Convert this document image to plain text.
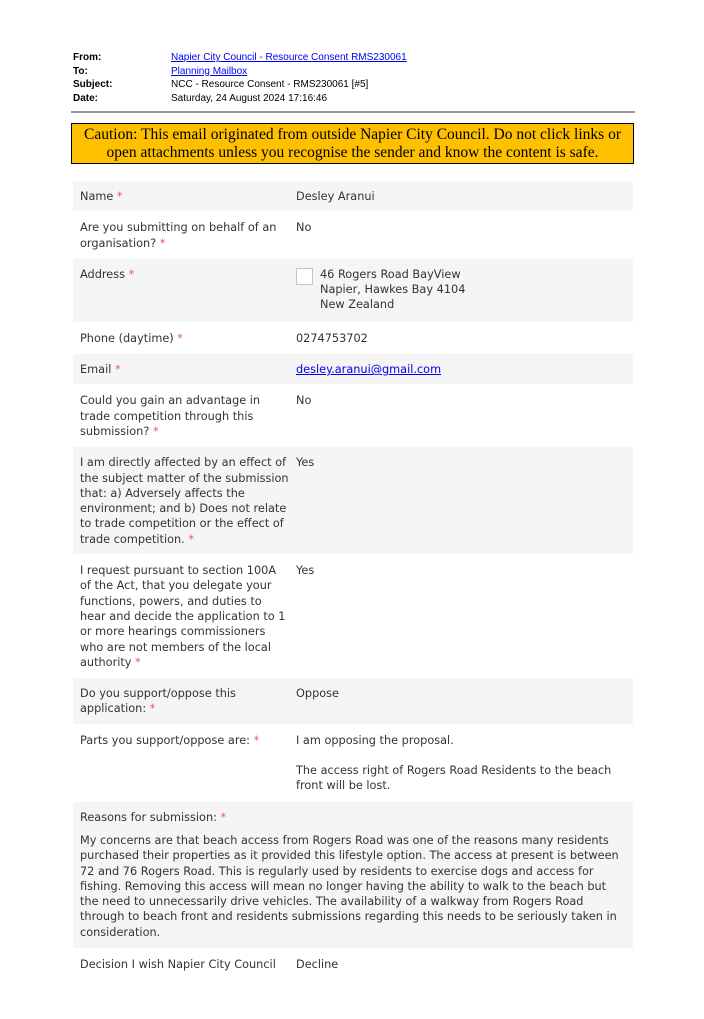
From:	Napier City Council - Resource Consent RMS230061
To:	Planning Mailbox
Subject:	NCC - Resource Consent - RMS230061 [#5]
Date:	Saturday, 24 August 2024 17:16:46
Caution: This email originated from outside Napier City Council. Do not click links or
open attachments unless you recognise the sender and know the content is safe.
Name *	Desley Aranui
Are you submitting on behalf of an organisation? *
No
Address *	46 Rogers Road BayView
Napier, Hawkes Bay 4104
New Zealand
Phone (daytime) *	0274753702
Email *	desley.aranui@gmail.com
Could you gain an advantage in trade competition through this submission? *
No
I am directly affected by an effect of the subject matter of the submission that: a) Adversely affects the environment; and b) Does not relate to trade competition or the effect of trade competition. *
Yes
I request pursuant to section 100A of the Act, that you delegate your functions, powers, and duties to hear and decide the application to 1 or more hearings commissioners who are not members of the local authority *
Yes
Do you support/oppose this application: *
Oppose
Parts you support/oppose are: *	I am opposing the proposal.
The access right of Rogers Road Residents to the beach front will be lost.
Reasons for submission: *
My concerns are that beach access from Rogers Road was one of the reasons many residents purchased their properties as it provided this lifestyle option. The access at present is between 72 and 76 Rogers Road. This is regularly used by residents to exercise dogs and access for fishing. Removing this access will mean no longer having the ability to walk to the beach but the need to unnecessarily drive vehicles. The availability of a walkway from Rogers Road through to beach front and residents submissions regarding this needs to be seriously taken in consideration.
Decision I wish Napier City Council	Decline
